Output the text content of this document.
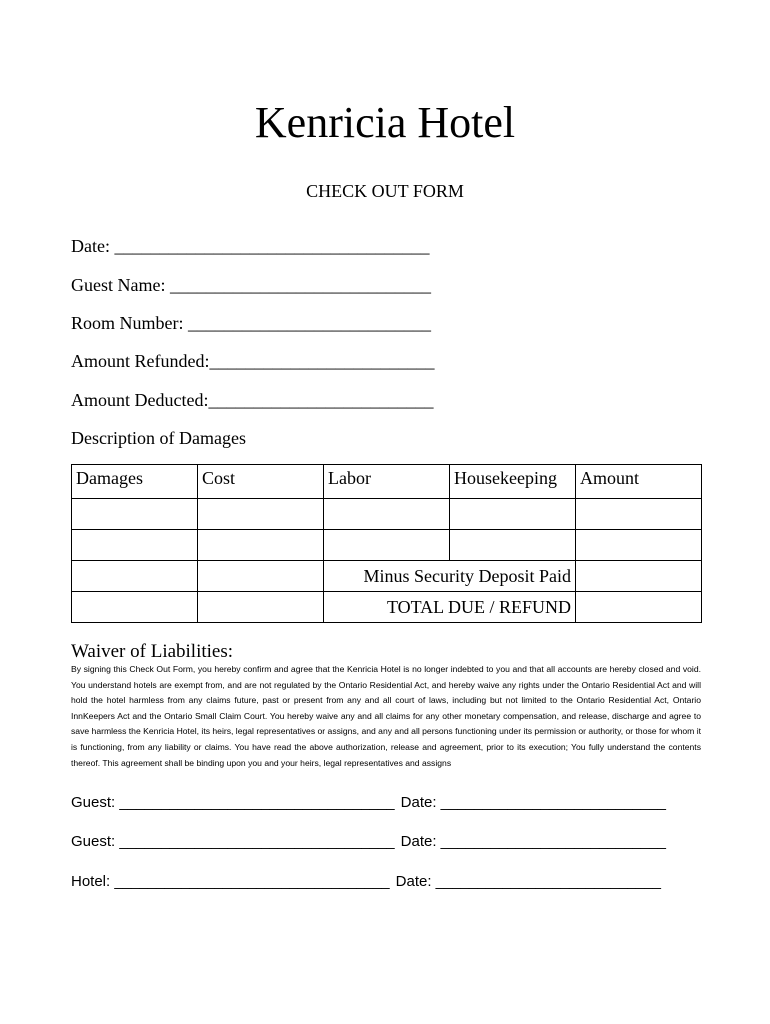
Kenricia Hotel
CHECK OUT FORM
Date: ___________________________________
Guest Name: _____________________________
Room Number: ___________________________
Amount Refunded:_________________________
Amount Deducted:_________________________
Description of Damages
Damages	Cost	Labor	Housekeeping	Amount

		Minus Security Deposit Paid		
		TOTAL DUE / REFUND		
Waiver of Liabilities:
By signing this Check Out Form, you hereby confirm and agree that the Kenricia Hotel is no longer indebted to you and that all accounts are hereby closed and void. You understand hotels are exempt from, and are not regulated by the Ontario Residential Act, and hereby waive any rights under the Ontario Residential Act and will hold the hotel harmless from any claims future, past or present from any and all court of laws, including but not limited to the Ontario Residential Act, Ontario InnKeepers Act and the Ontario Small Claim Court. You hereby waive any and all claims for any other monetary compensation, and release, discharge and agree to save harmless the Kenricia Hotel, its heirs, legal representatives or assigns, and any and all persons functioning under its permission or authority, or those for whom it is functioning, from any liability or claims. You have read the above authorization, release and agreement, prior to its execution; You fully understand the contents thereof. This agreement shall be binding upon you and your heirs, legal representatives and assigns
Guest: _________________________________ Date: ___________________________
Guest: _________________________________ Date: ___________________________
Hotel: _________________________________ Date: ___________________________
